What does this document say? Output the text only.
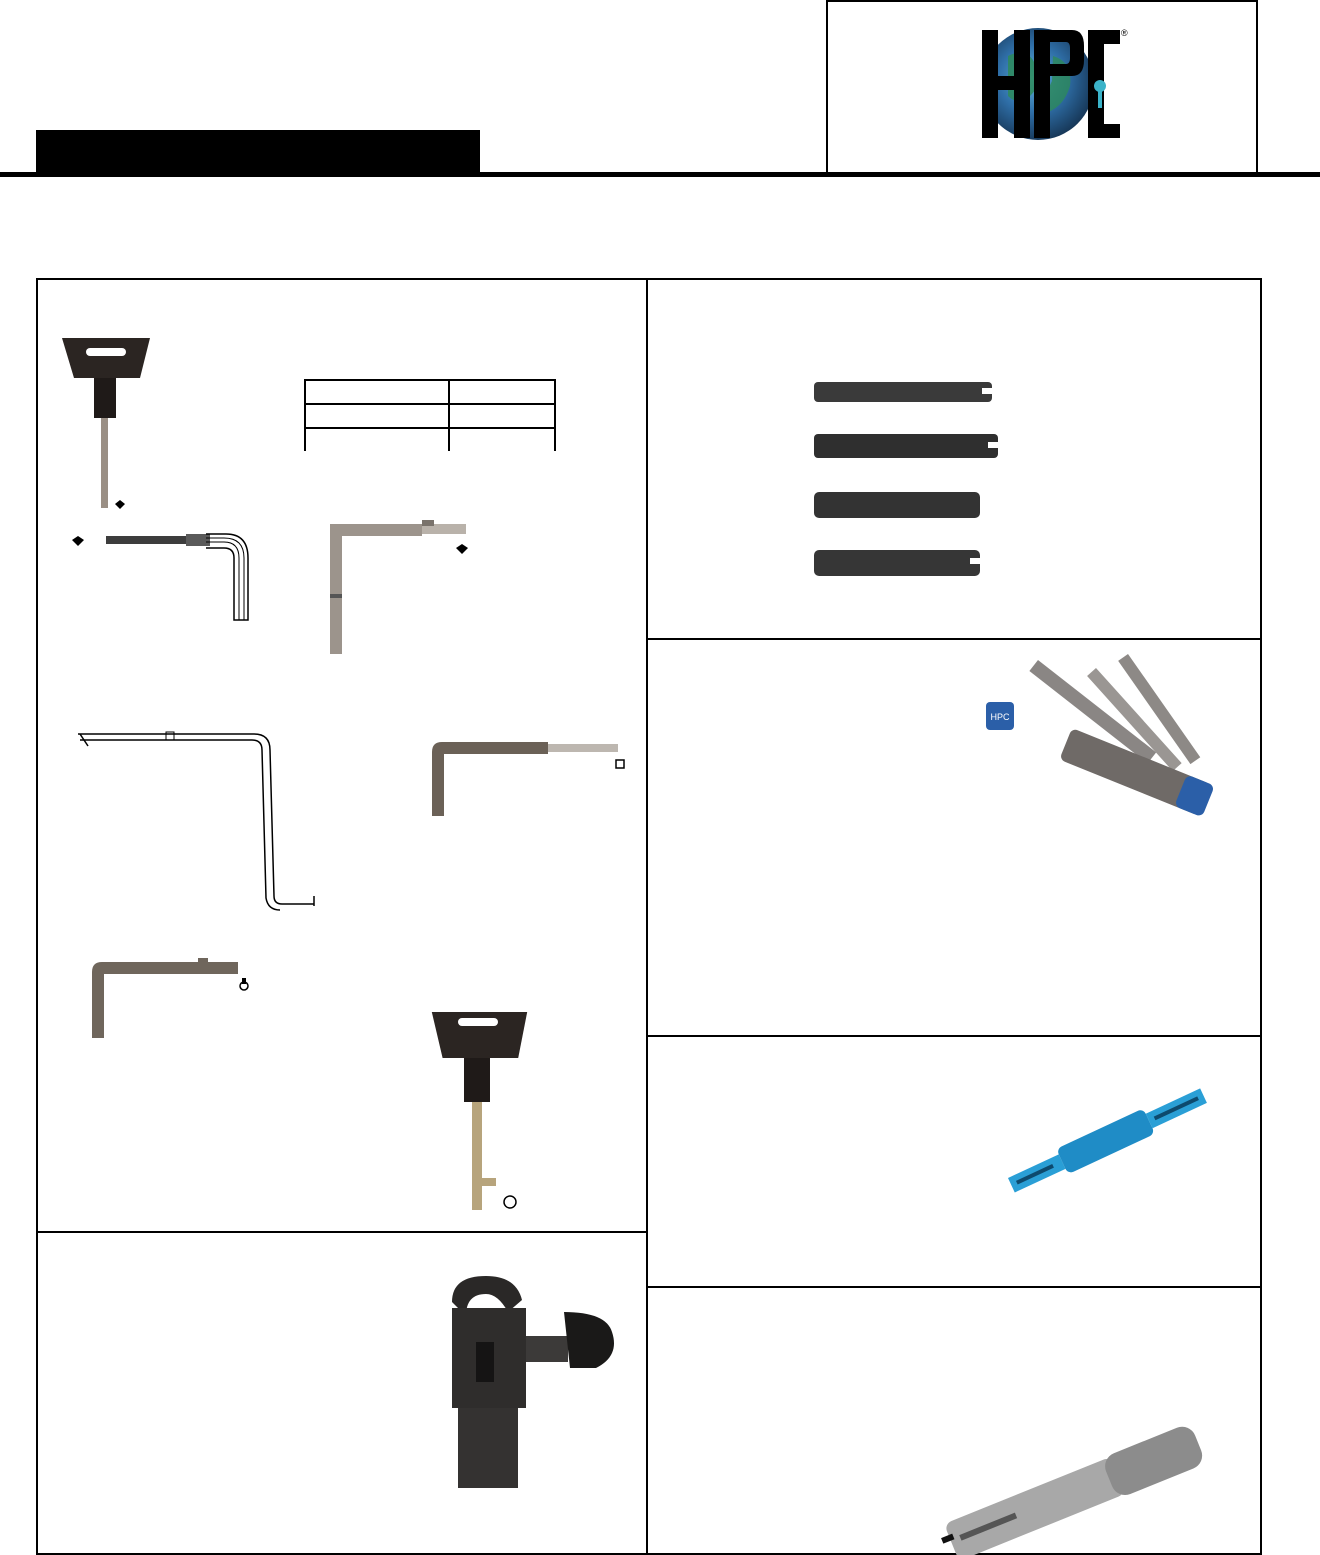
®

HPC
